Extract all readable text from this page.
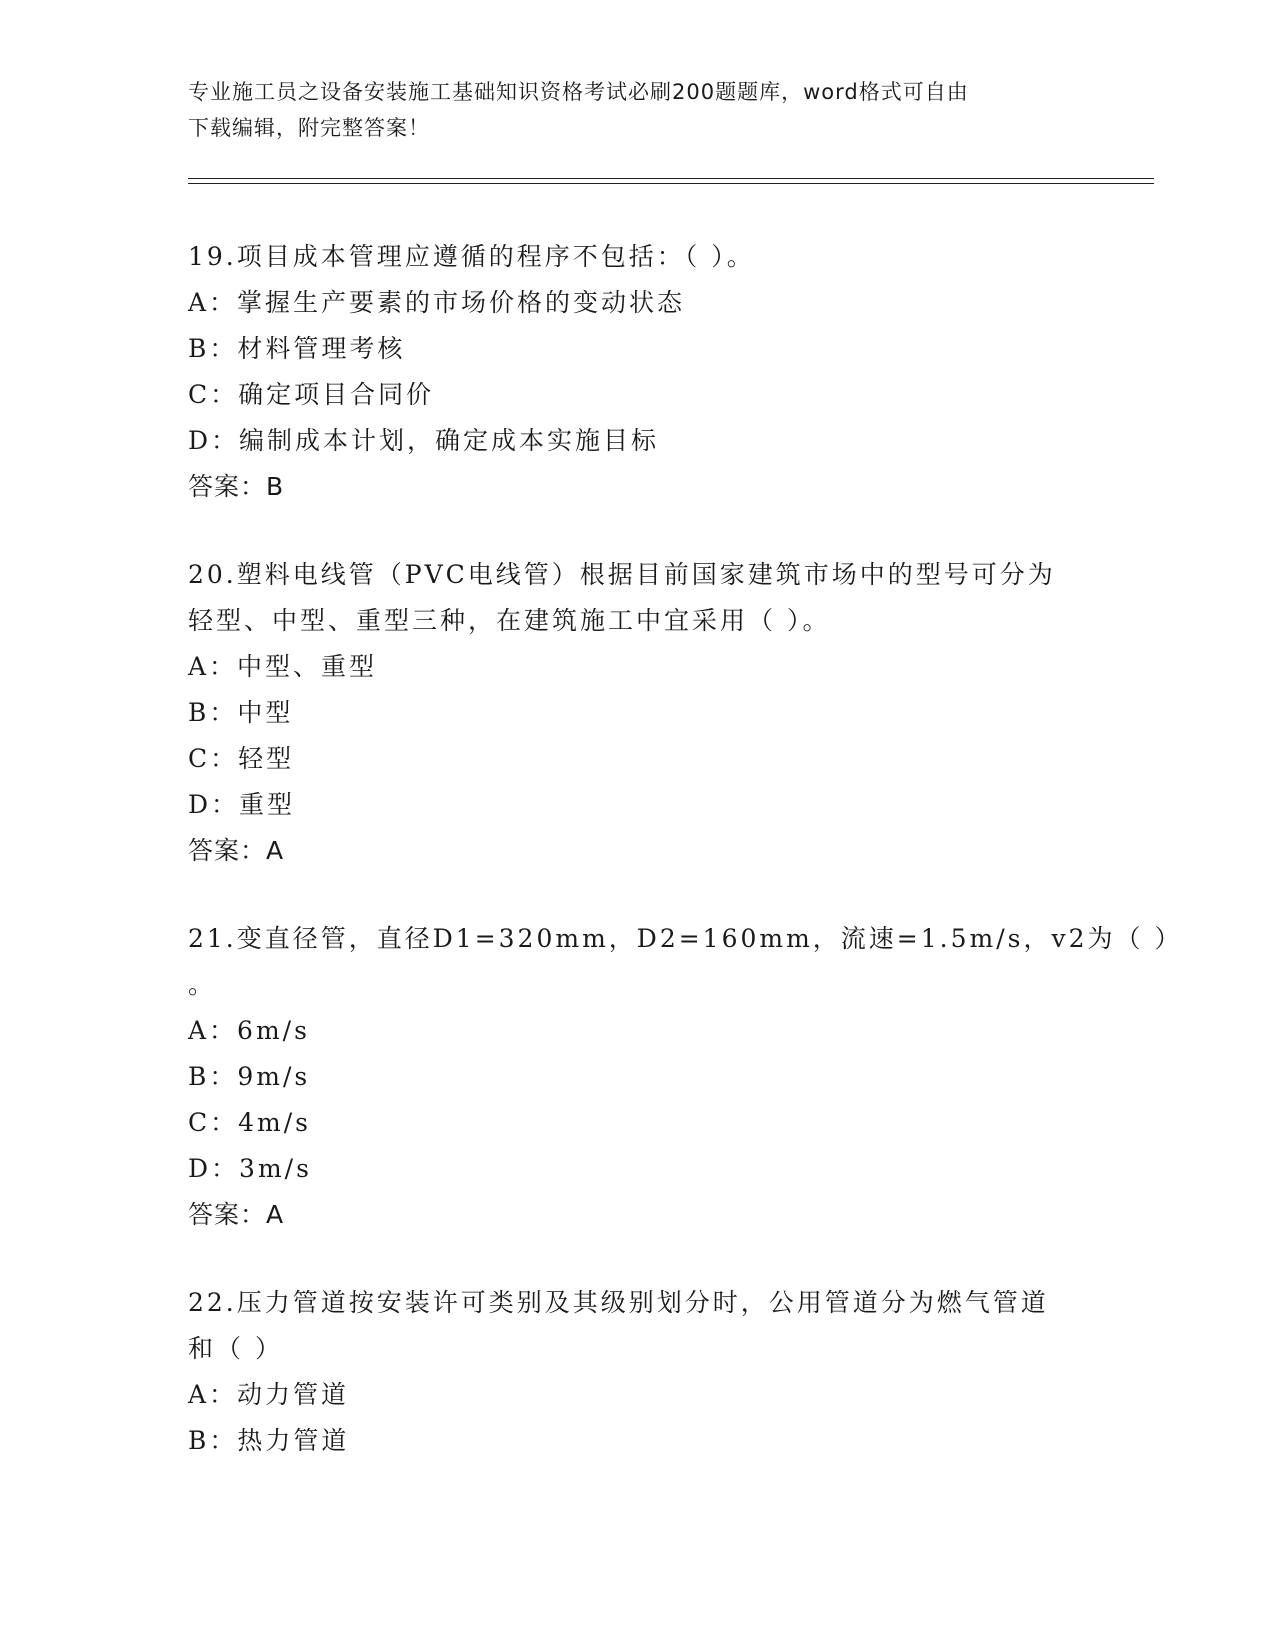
专业施工员之设备安装施工基础知识资格考试必刷200题题库，word格式可自由
下载编辑，附完整答案！
19.项目成本管理应遵循的程序不包括：（ ）。
A：掌握生产要素的市场价格的变动状态
B：材料管理考核
C：确定项目合同价
D：编制成本计划，确定成本实施目标
答案：B
20.塑料电线管（PVC电线管）根据目前国家建筑市场中的型号可分为
轻型、中型、重型三种，在建筑施工中宜采用（ ）。
A：中型、重型
B：中型
C：轻型
D：重型
答案：A
21.变直径管，直径D1=320mm，D2=160mm，流速=1.5m/s，v2为（ ）
。
A：6m/s
B：9m/s
C：4m/s
D：3m/s
答案：A
22.压力管道按安装许可类别及其级别划分时，公用管道分为燃气管道
和（ ）
A：动力管道
B：热力管道
